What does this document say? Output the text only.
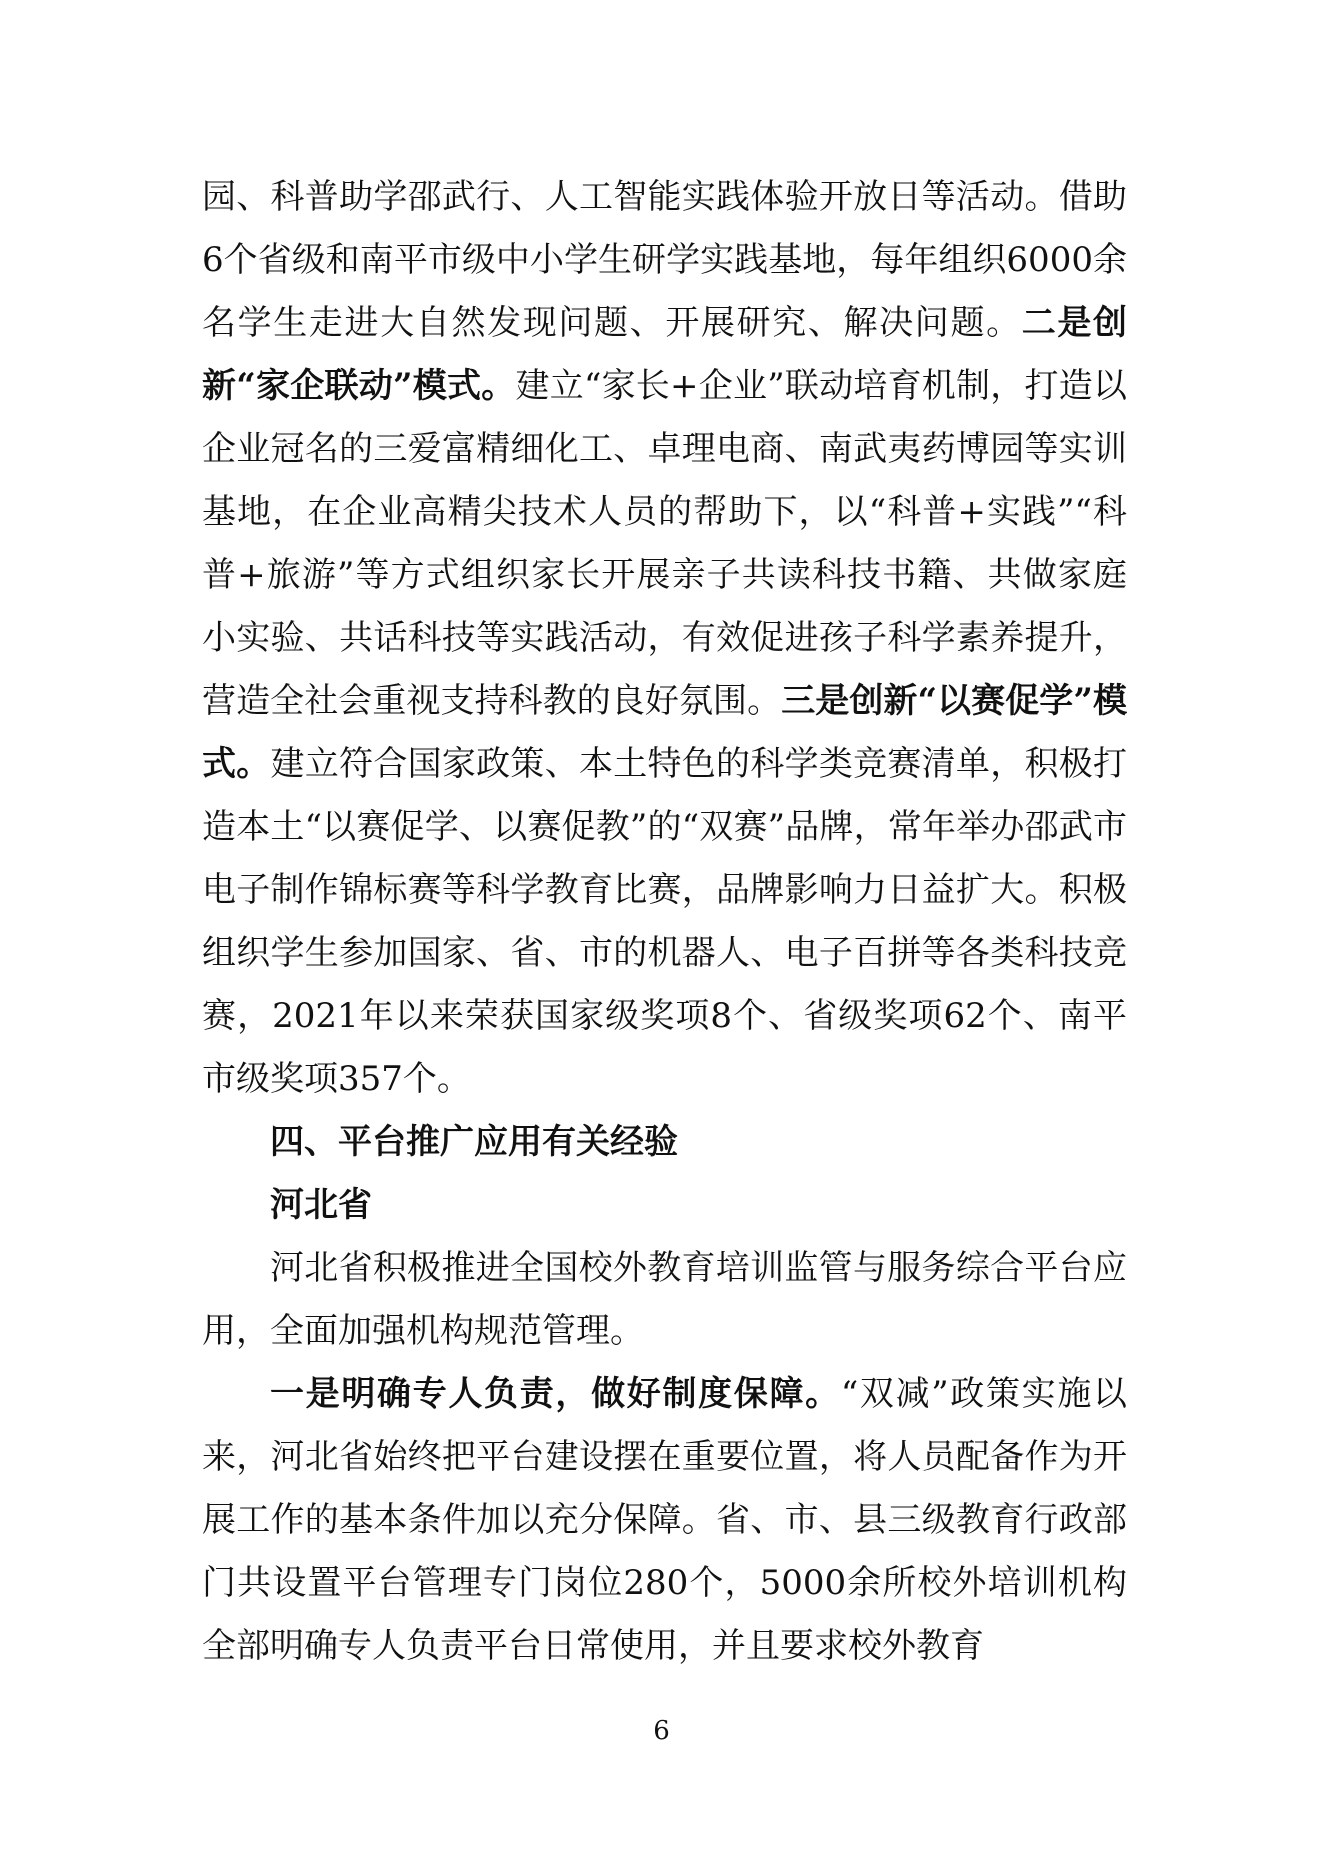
园、科普助学邵武行、人工智能实践体验开放日等活动。借助6个省级和南平市级中小学生研学实践基地，每年组织6000余名学生走进大自然发现问题、开展研究、解决问题。二是创新“家企联动”模式。建立“家长+企业”联动培育机制，打造以企业冠名的三爱富精细化工、卓理电商、南武夷药博园等实训基地，在企业高精尖技术人员的帮助下，以“科普+实践”“科普+旅游”等方式组织家长开展亲子共读科技书籍、共做家庭小实验、共话科技等实践活动，有效促进孩子科学素养提升，营造全社会重视支持科教的良好氛围。三是创新“以赛促学”模式。建立符合国家政策、本土特色的科学类竞赛清单，积极打造本土“以赛促学、以赛促教”的“双赛”品牌，常年举办邵武市电子制作锦标赛等科学教育比赛，品牌影响力日益扩大。积极组织学生参加国家、省、市的机器人、电子百拼等各类科技竞赛，2021年以来荣获国家级奖项8个、省级奖项62个、南平市级奖项357个。

四、平台推广应用有关经验

河北省

河北省积极推进全国校外教育培训监管与服务综合平台应用，全面加强机构规范管理。

一是明确专人负责，做好制度保障。“双减”政策实施以来，河北省始终把平台建设摆在重要位置，将人员配备作为开展工作的基本条件加以充分保障。省、市、县三级教育行政部门共设置平台管理专门岗位280个，5000余所校外培训机构全部明确专人负责平台日常使用，并且要求校外教育

6
